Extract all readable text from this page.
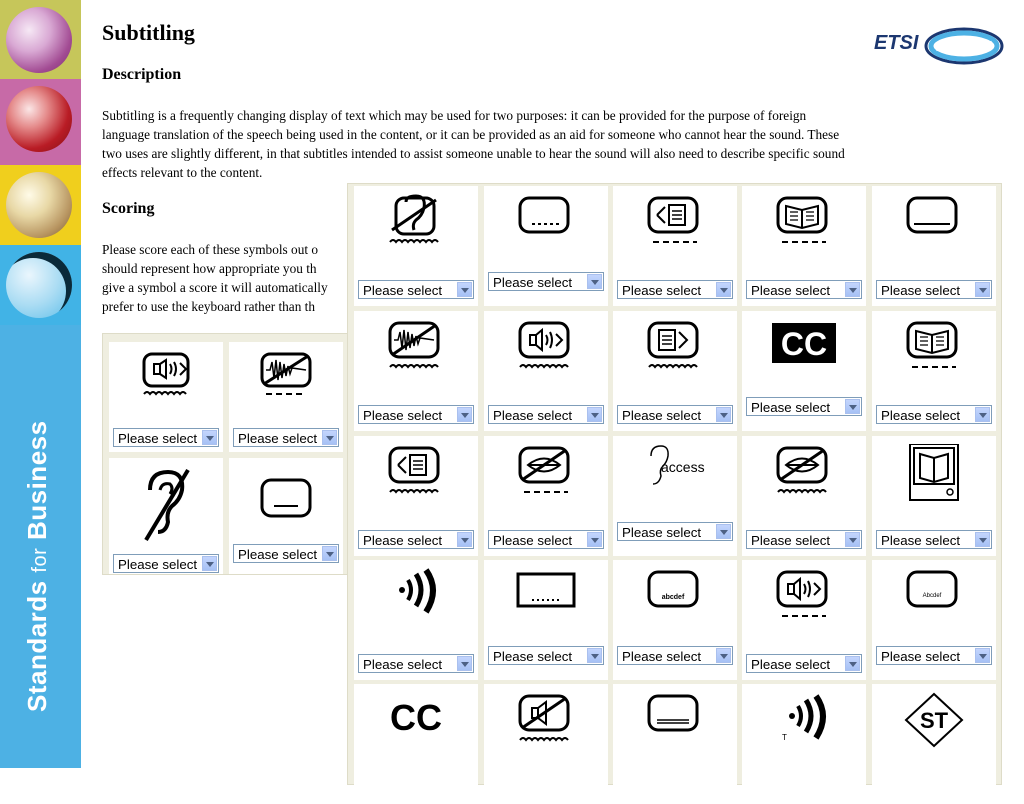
Standards for Business
ETSI
Subtitling
Description

Subtitling is a frequently changing display of text which may be used for two purposes: it can be provided for the purpose of foreign language translation of the speech being used in the content, or it can be provided as an aid for someone who cannot hear the sound. These two uses are slightly different, in that subtitles intended to assist someone unable to hear the sound will also need to describe specific sound effects relevant to the content.

Scoring

Please score each of these symbols out o

should represent how appropriate you th

give a symbol a score it will automatically

prefer to use the keyboard rather than th

Please select	Please select
Please select
Please select
Please select
Please select
Please select	Please select	Please select
Please select	Please select	Please select
CC
Please select
Please select
Please select	Please select
access
Please select
Please select	Please select
Please select
Please select
abcdef
Please select
Please select
Abcdef
Please select
CC	T
ST
